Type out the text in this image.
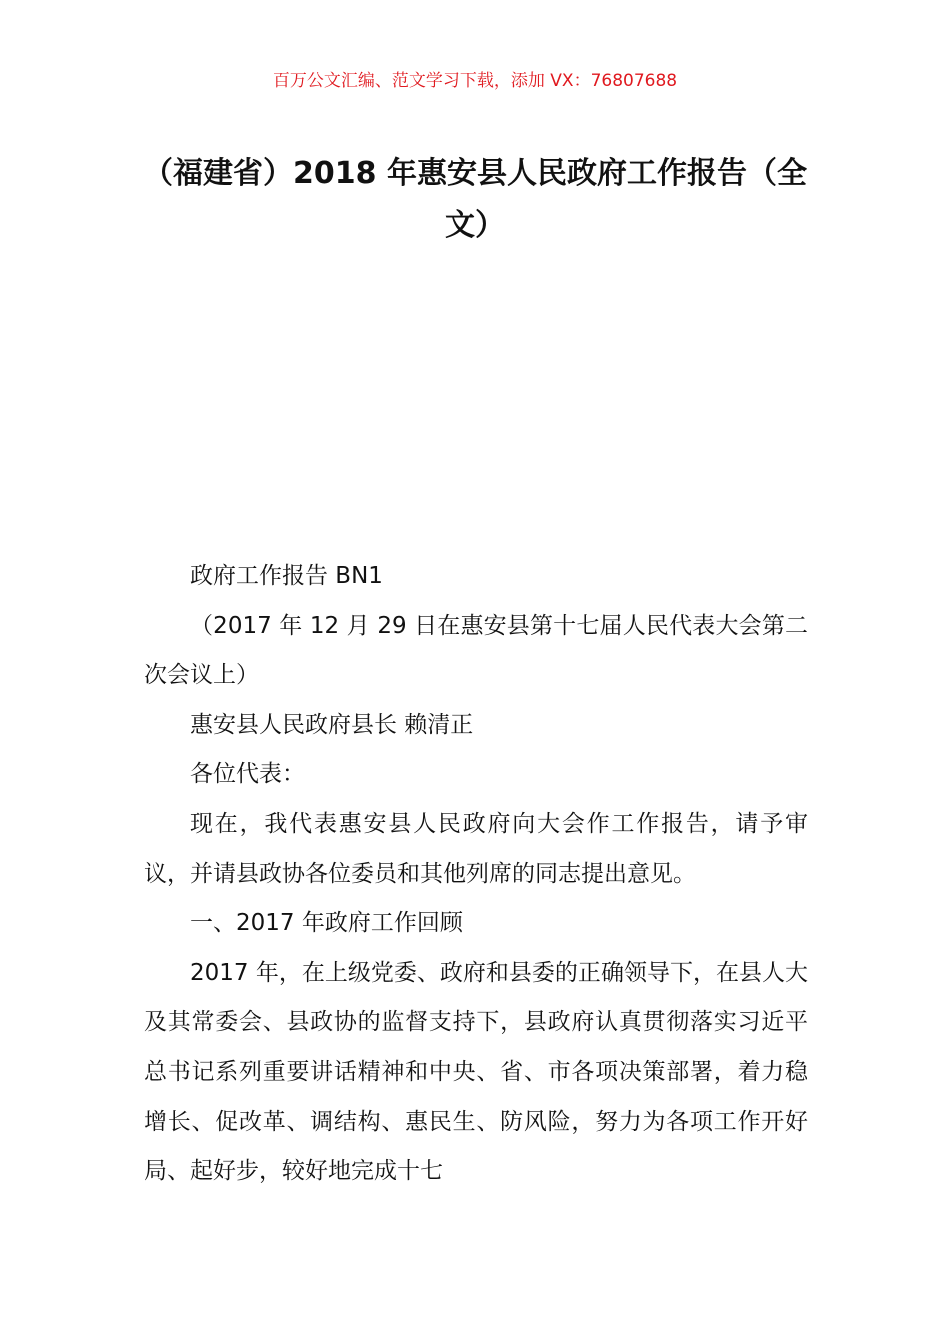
百万公文汇编、范文学习下载，添加 VX：76807688
（福建省）2018 年惠安县人民政府工作报告（全文）

政府工作报告 BN1

（2017 年 12 月 29 日在惠安县第十七届人民代表大会第二次会议上）

惠安县人民政府县长 赖清正

各位代表：

现在，我代表惠安县人民政府向大会作工作报告，请予审议，并请县政协各位委员和其他列席的同志提出意见。

一、2017 年政府工作回顾

2017 年，在上级党委、政府和县委的正确领导下，在县人大及其常委会、县政协的监督支持下，县政府认真贯彻落实习近平总书记系列重要讲话精神和中央、省、市各项决策部署，着力稳增长、促改革、调结构、惠民生、防风险，努力为各项工作开好局、起好步，较好地完成十七
